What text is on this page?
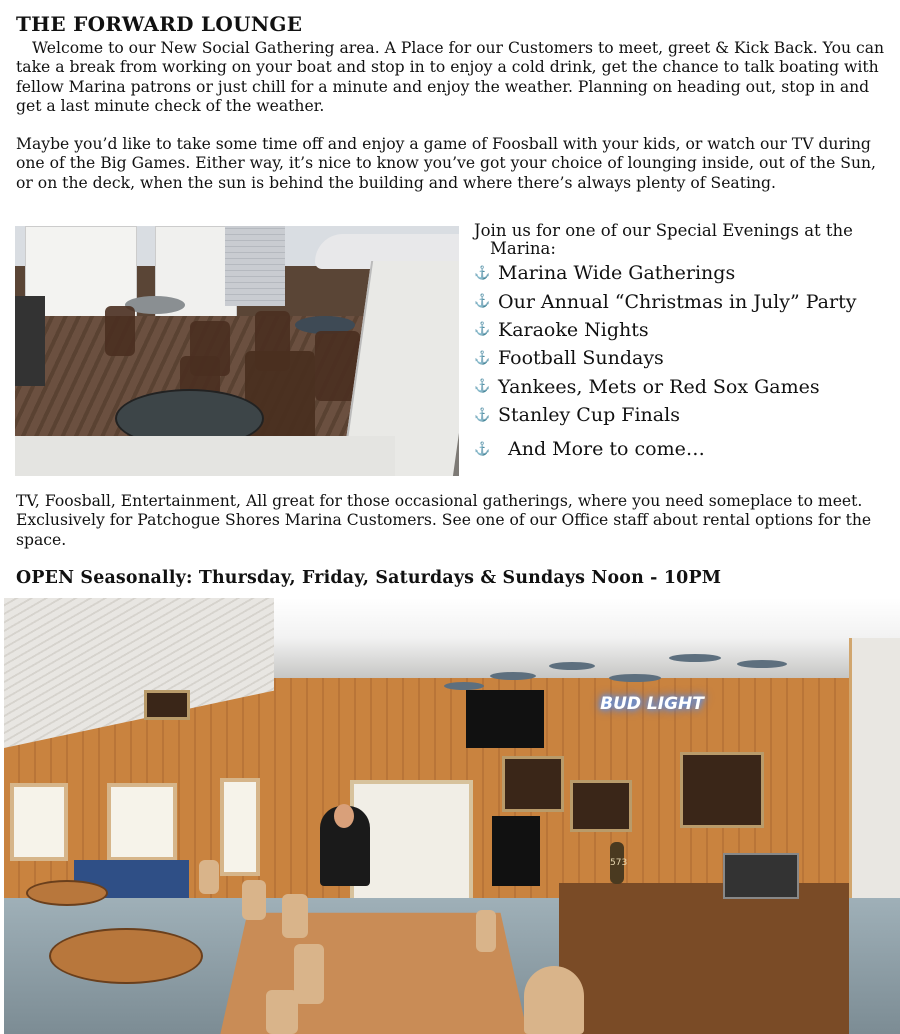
THE FORWARD LOUNGE
Welcome to our New Social Gathering area. A Place for our Customers to meet, greet & Kick Back. You can take a break from working on your boat and stop in to enjoy a cold drink, get the chance to talk boating with fellow Marina patrons or just chill for a minute and enjoy the weather. Planning on heading out, stop in and get a last minute check of the weather.
Maybe you’d like to take some time off and enjoy a game of Foosball with your kids, or watch our TV during one of the Big Games. Either way, it’s nice to know you’ve got your choice of lounging inside, out of the Sun, or on the deck, when the sun is behind the building and where there’s always plenty of Seating.
Join us for one of our Special Evenings at the
Marina:
⚓ Marina Wide Gatherings
⚓ Our Annual “Christmas in July” Party
⚓ Karaoke Nights
⚓ Football Sundays
⚓ Yankees, Mets or Red Sox Games
⚓ Stanley Cup Finals
⚓ And More to come…
TV, Foosball, Entertainment, All great for those occasional gatherings, where you need someplace to meet. Exclusively for Patchogue Shores Marina Customers. See one of our Office staff about rental options for the space.
OPEN Seasonally: Thursday, Friday, Saturdays & Sundays Noon - 10PM
BUD LIGHT
573
